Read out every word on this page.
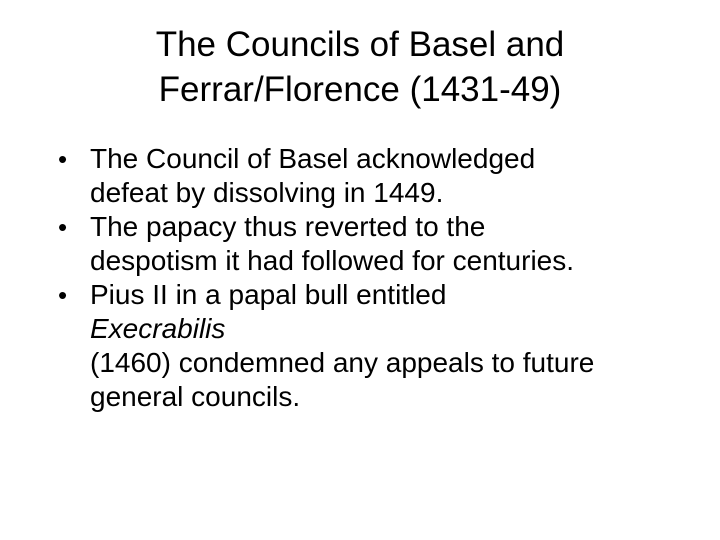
The Councils of Basel and
Ferrar/Florence (1431-49)
• The Council of Basel acknowledged
defeat by dissolving in 1449.
• The papacy thus reverted to the
despotism it had followed for centuries.
• Pius II in a papal bull entitled
Execrabilis
(1460) condemned any appeals to future
general councils.
